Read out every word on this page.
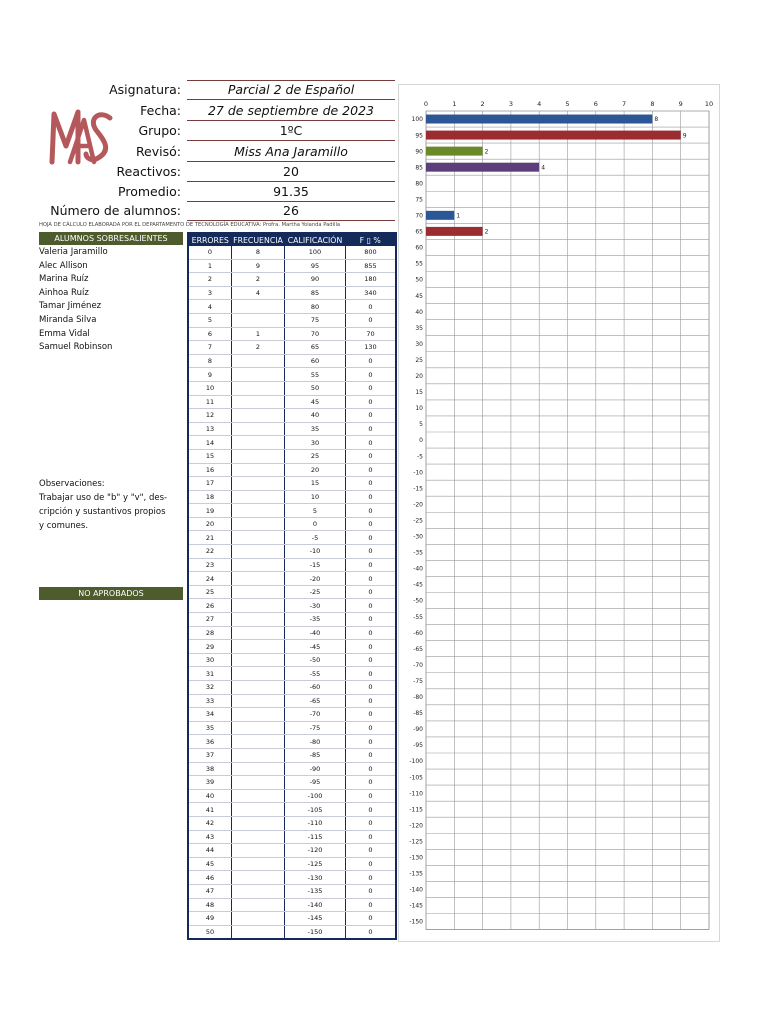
Asignatura:	Parcial 2 de Español
Fecha:	27 de septiembre de 2023
Grupo:	1ºC
Revisó:	Miss Ana Jaramillo
Reactivos:	20
Promedio:	91.35
Número de alumnos:	26
HOJA DE CÁLCULO ELABORADA POR EL DEPARTAMENTO DE TECNOLOGÍA EDUCATIVA: Profra. Martha Yolanda Padilla
ALUMNOS SOBRESALIENTES
Valeria Jaramillo
Alec Allison
Marina Ruíz
Ainhoa Ruíz
Tamar Jiménez
Miranda Silva
Emma Vidal
Samuel Robinson
Observaciones:
Trabajar uso de "b" y "v", des-
cripción y sustantivos propios
y comunes.
NO APROBADOS
ERRORES	FRECUENCIA	CALIFICACIÓN	F ▯ %
0	8	100	800
1	9	95	855
2	2	90	180
3	4	85	340
4		80	0
5		75	0
6	1	70	70
7	2	65	130
8		60	0
9		55	0
10		50	0
11		45	0
12		40	0
13		35	0
14		30	0
15		25	0
16		20	0
17		15	0
18		10	0
19		5	0
20		0	0
21		-5	0
22		-10	0
23		-15	0
24		-20	0
25		-25	0
26		-30	0
27		-35	0
28		-40	0
29		-45	0
30		-50	0
31		-55	0
32		-60	0
33		-65	0
34		-70	0
35		-75	0
36		-80	0
37		-85	0
38		-90	0
39		-95	0
40		-100	0
41		-105	0
42		-110	0
43		-115	0
44		-120	0
45		-125	0
46		-130	0
47		-135	0
48		-140	0
49		-145	0
50		-150	0
0	1	2	3	4	5	6	7	8	9	10
100	8
95	9
90	2
85	4
80
75
70	1
65	2
60
55
50
45
40
35
30
25
20
15
10
5
0
-5
-10
-15
-20
-25
-30
-35
-40
-45
-50
-55
-60
-65
-70
-75
-80
-85
-90
-95
-100
-105
-110
-115
-120
-125
-130
-135
-140
-145
-150
